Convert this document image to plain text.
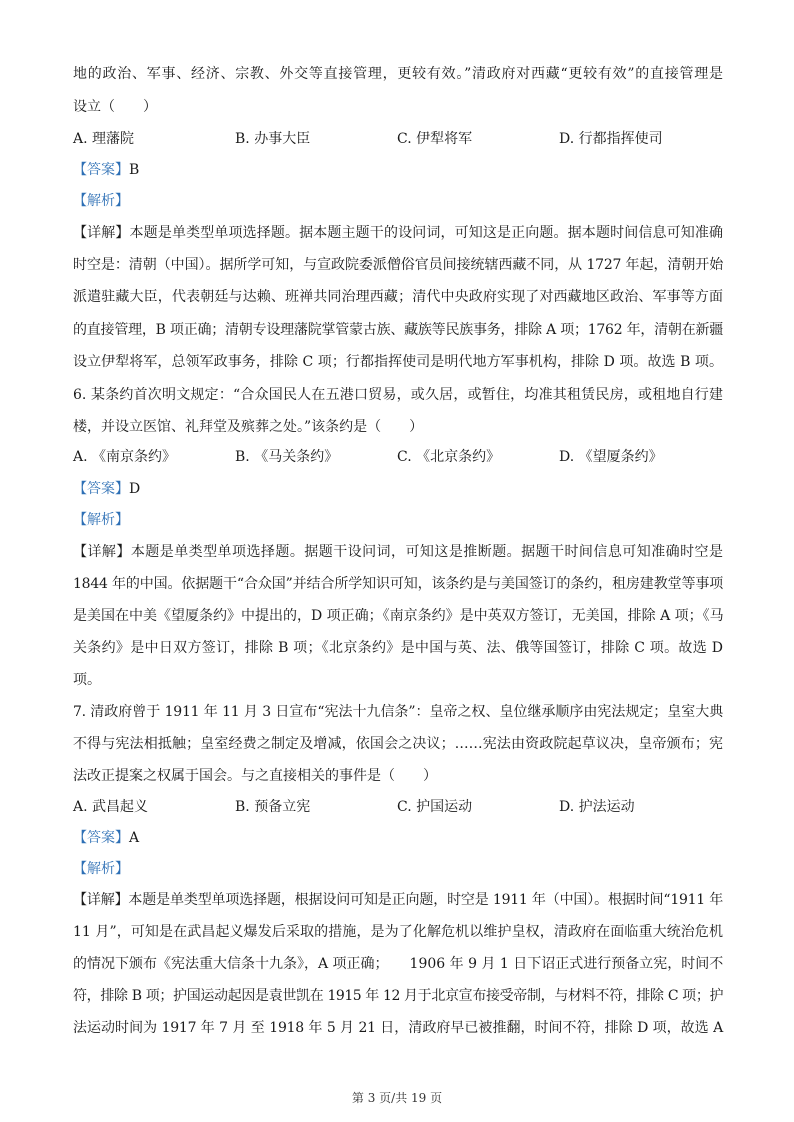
地的政治、军事、经济、宗教、外交等直接管理，更较有效。”清政府对西藏“更较有效”的直接管理是
设立（　　）
A. 理藩院	B. 办事大臣	C. 伊犁将军	D. 行都指挥使司
【答案】B
【解析】
【详解】本题是单类型单项选择题。据本题主题干的设问词，可知这是正向题。据本题时间信息可知准确
时空是：清朝（中国）。据所学可知，与宣政院委派僧俗官员间接统辖西藏不同，从 1727 年起，清朝开始
派遣驻藏大臣，代表朝廷与达赖、班禅共同治理西藏；清代中央政府实现了对西藏地区政治、军事等方面
的直接管理，B 项正确；清朝专设理藩院掌管蒙古族、藏族等民族事务，排除 A 项；1762 年，清朝在新疆
设立伊犁将军，总领军政事务，排除 C 项；行都指挥使司是明代地方军事机构，排除 D 项。故选 B 项。
6. 某条约首次明文规定：“合众国民人在五港口贸易，或久居，或暂住，均准其租赁民房，或租地自行建
楼，并设立医馆、礼拜堂及殡葬之处。”该条约是（　　）
A. 《南京条约》	B. 《马关条约》	C. 《北京条约》	D. 《望厦条约》
【答案】D
【解析】
【详解】本题是单类型单项选择题。据题干设问词，可知这是推断题。据题干时间信息可知准确时空是
1844 年的中国。依据题干“合众国”并结合所学知识可知，该条约是与美国签订的条约，租房建教堂等事项
是美国在中美《望厦条约》中提出的，D 项正确；《南京条约》是中英双方签订，无美国，排除 A 项；《马
关条约》是中日双方签订，排除 B 项；《北京条约》是中国与英、法、俄等国签订，排除 C 项。故选 D
项。
7. 清政府曾于 1911 年 11 月 3 日宣布“宪法十九信条”：皇帝之权、皇位继承顺序由宪法规定；皇室大典
不得与宪法相抵触；皇室经费之制定及增减，依国会之决议；……宪法由资政院起草议决，皇帝颁布；宪
法改正提案之权属于国会。与之直接相关的事件是（　　）
A. 武昌起义	B. 预备立宪	C. 护国运动	D. 护法运动
【答案】A
【解析】
【详解】本题是单类型单项选择题，根据设问可知是正向题，时空是 1911 年（中国）。根据时间“1911 年
11 月”，可知是在武昌起义爆发后采取的措施，是为了化解危机以维护皇权，清政府在面临重大统治危机
的情况下颁布《宪法重大信条十九条》，A 项正确；　　1906 年 9 月 1 日下诏正式进行预备立宪，时间不
符，排除 B 项；护国运动起因是袁世凯在 1915 年 12 月于北京宣布接受帝制，与材料不符，排除 C 项；护
法运动时间为 1917 年 7 月 至 1918 年 5 月 21 日，清政府早已被推翻，时间不符，排除 D 项，故选 A
第 3 页/共 19 页
